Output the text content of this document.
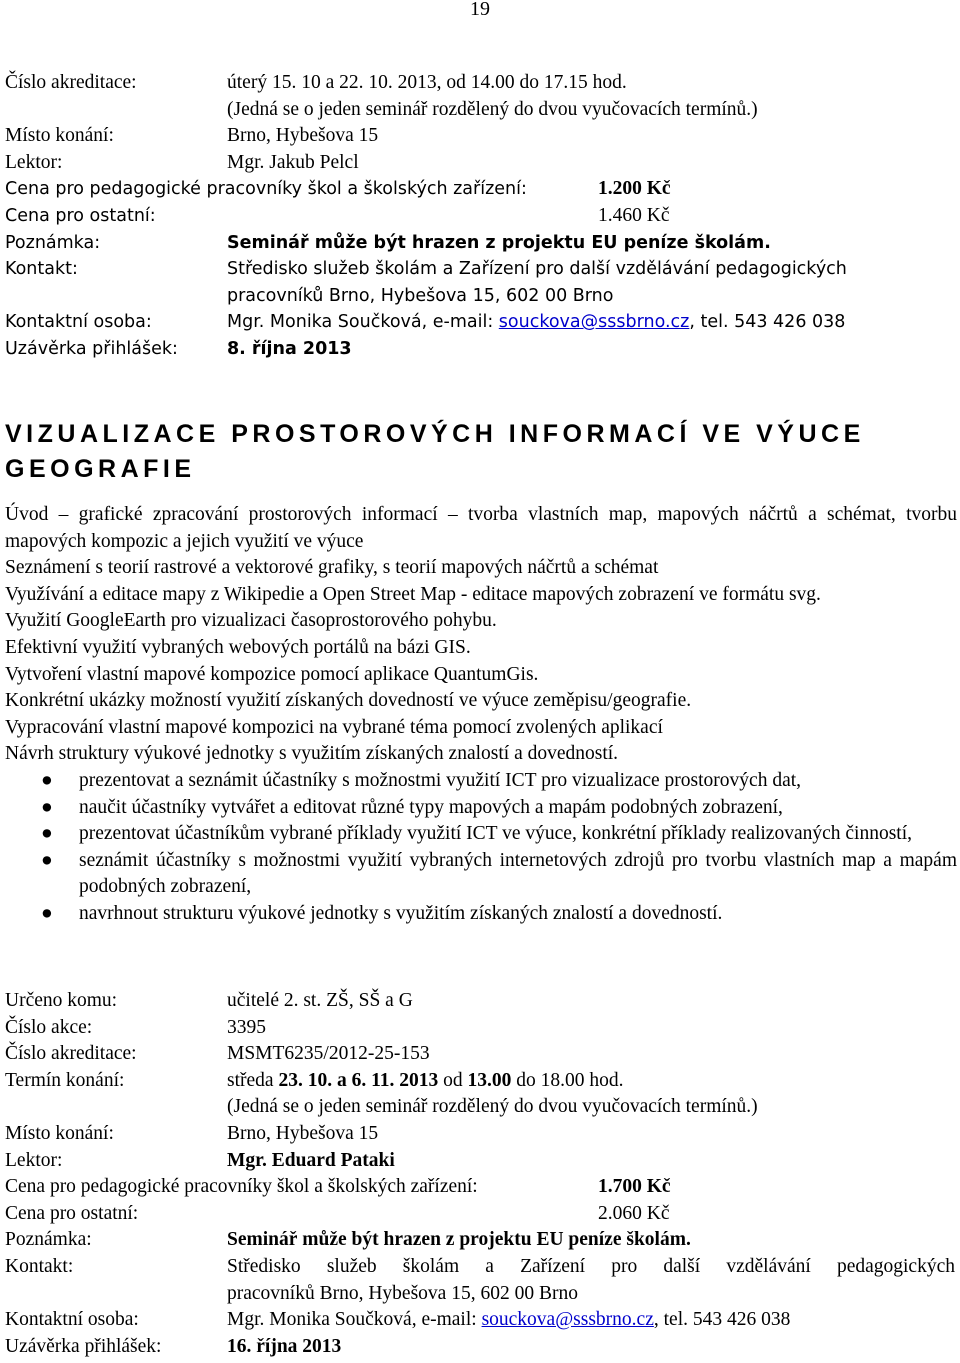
19
Číslo akreditace:	úterý 15. 10 a 22. 10. 2013, od 14.00 do 17.15 hod.
(Jedná se o jeden seminář rozdělený do dvou vyučovacích termínů.)
Místo konání:	Brno, Hybešova 15
Lektor:	Mgr. Jakub Pelcl
Cena pro pedagogické pracovníky škol a školských zařízení:	1.200 Kč
Cena pro ostatní:	1.460 Kč
Poznámka:	Seminář může být hrazen z projektu EU peníze školám.
Kontakt:	Středisko služeb školám a Zařízení pro další vzdělávání pedagogických
pracovníků Brno, Hybešova 15, 602 00 Brno
Kontaktní osoba:	Mgr. Monika Součková, e-mail: souckova@sssbrno.cz, tel. 543 426 038
Uzávěrka přihlášek:	8. října 2013
VIZUALIZACE PROSTOROVÝCH INFORMACÍ VE VÝUCE
GEOGRAFIE
Úvod – grafické zpracování prostorových informací – tvorba vlastních map, mapových náčrtů a schémat, tvorbu mapových kompozic a jejich využití ve výuce
Seznámení s teorií rastrové a vektorové grafiky, s teorií mapových náčrtů a schémat
Využívání a editace mapy z Wikipedie a Open Street Map - editace mapových zobrazení ve formátu svg.
Využití GoogleEarth pro vizualizaci časoprostorového pohybu.
Efektivní využití vybraných webových portálů na bázi GIS.
Vytvoření vlastní mapové kompozice pomocí aplikace QuantumGis.
Konkrétní ukázky možností využití získaných dovedností ve výuce zeměpisu/geografie.
Vypracování vlastní mapové kompozici na vybrané téma pomocí zvolených aplikací
Návrh struktury výukové jednotky s využitím získaných znalostí a dovedností.
● prezentovat a seznámit účastníky s možnostmi využití ICT pro vizualizace prostorových dat,
● naučit účastníky vytvářet a editovat různé typy mapových a mapám podobných zobrazení,
● prezentovat účastníkům vybrané příklady využití ICT ve výuce, konkrétní příklady realizovaných činností,
● seznámit účastníky s možnostmi využití vybraných internetových zdrojů pro tvorbu vlastních map a mapám podobných zobrazení,
● navrhnout strukturu výukové jednotky s využitím získaných znalostí a dovedností.
Určeno komu:	učitelé 2. st. ZŠ, SŠ a G
Číslo akce:	3395
Číslo akreditace:	MSMT6235/2012-25-153
Termín konání:	středa 23. 10. a 6. 11. 2013 od 13.00 do 18.00 hod.
(Jedná se o jeden seminář rozdělený do dvou vyučovacích termínů.)
Místo konání:	Brno, Hybešova 15
Lektor:	Mgr. Eduard Pataki
Cena pro pedagogické pracovníky škol a školských zařízení:	1.700 Kč
Cena pro ostatní:	2.060 Kč
Poznámka:	Seminář může být hrazen z projektu EU peníze školám.
Kontakt:	Středisko služeb školám a Zařízení pro další vzdělávání pedagogických
pracovníků Brno, Hybešova 15, 602 00 Brno
Kontaktní osoba:	Mgr. Monika Součková, e-mail: souckova@sssbrno.cz, tel. 543 426 038
Uzávěrka přihlášek:	16. října 2013
